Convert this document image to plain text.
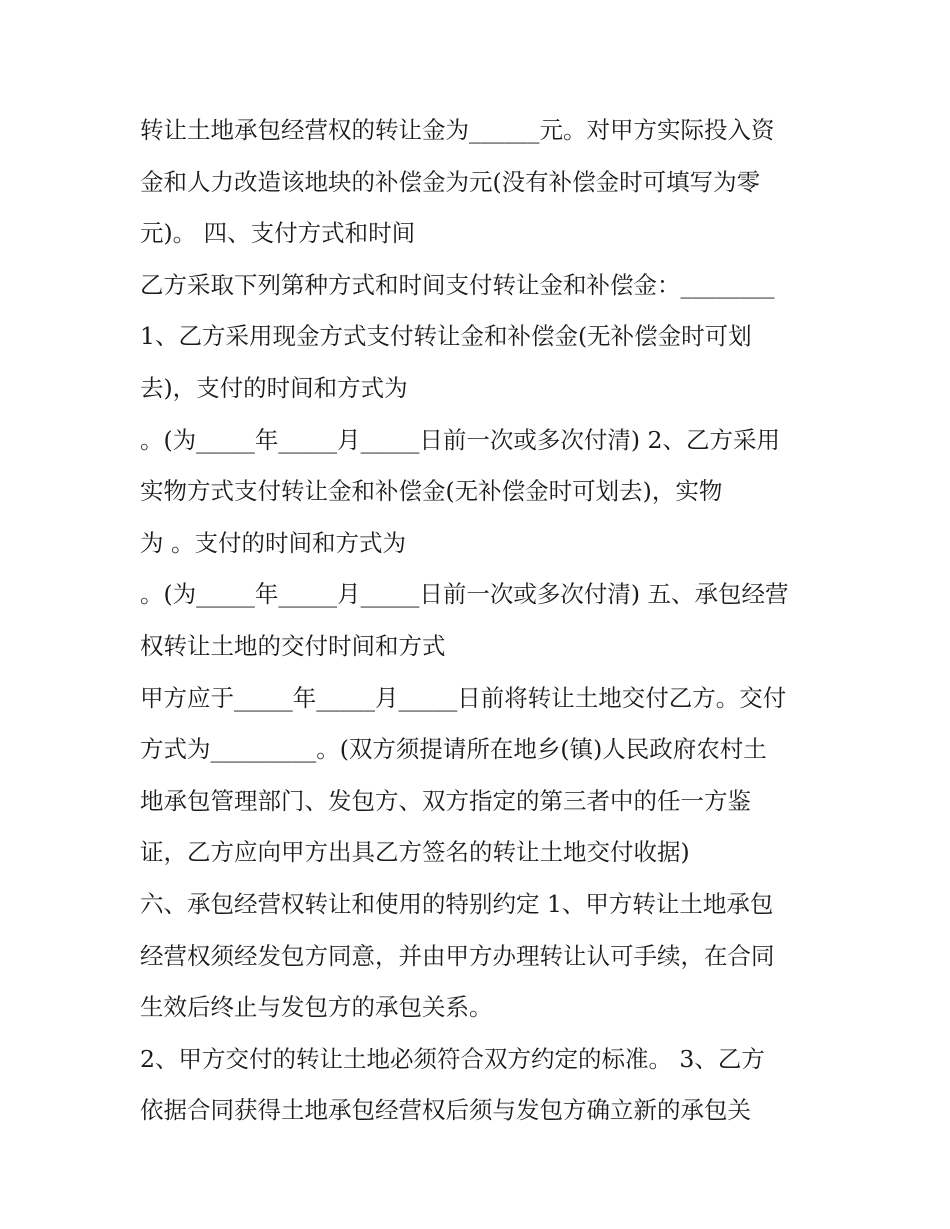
转让土地承包经营权的转让金为______元。对甲方实际投入资
金和人力改造该地块的补偿金为元(没有补偿金时可填写为零
元)。 四、支付方式和时间
乙方采取下列第种方式和时间支付转让金和补偿金：________
1、乙方采用现金方式支付转让金和补偿金(无补偿金时可划
去)，支付的时间和方式为
。(为_____年_____月_____日前一次或多次付清) 2、乙方采用
实物方式支付转让金和补偿金(无补偿金时可划去)，实物
为 。支付的时间和方式为
。(为_____年_____月_____日前一次或多次付清) 五、承包经营
权转让土地的交付时间和方式
甲方应于_____年_____月_____日前将转让土地交付乙方。交付
方式为_________。(双方须提请所在地乡(镇)人民政府农村土
地承包管理部门、发包方、双方指定的第三者中的任一方鉴
证，乙方应向甲方出具乙方签名的转让土地交付收据)
六、承包经营权转让和使用的特别约定 1、甲方转让土地承包
经营权须经发包方同意，并由甲方办理转让认可手续，在合同
生效后终止与发包方的承包关系。
2、甲方交付的转让土地必须符合双方约定的标准。 3、乙方
依据合同获得土地承包经营权后须与发包方确立新的承包关
